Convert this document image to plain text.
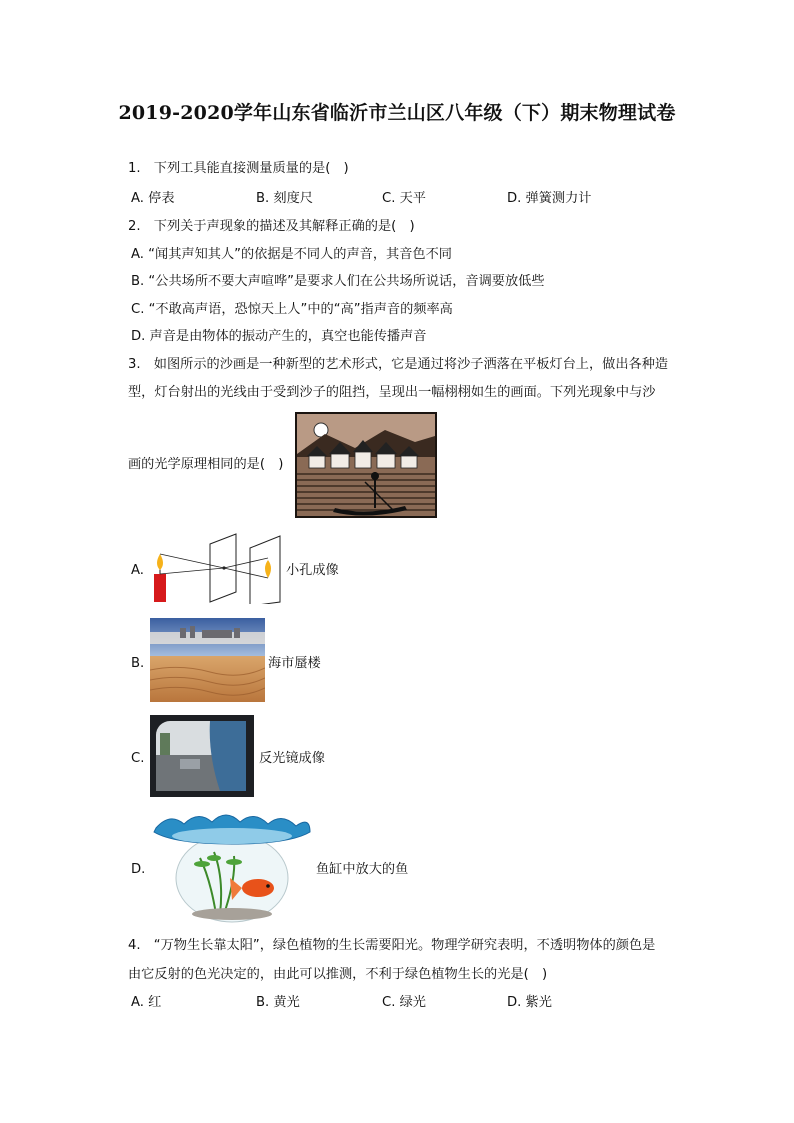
2019-2020学年山东省临沂市兰山区八年级（下）期末物理试卷
1.　下列工具能直接测量质量的是(　)
A. 停表	B. 刻度尺	C. 天平	D. 弹簧测力计
2.　下列关于声现象的描述及其解释正确的是(　)
A. “闻其声知其人”的依据是不同人的声音，其音色不同
B. “公共场所不要大声喧哗”是要求人们在公共场所说话，音调要放低些
C. “不敢高声语，恐惊天上人”中的“高”指声音的频率高
D. 声音是由物体的振动产生的，真空也能传播声音
3.　如图所示的沙画是一种新型的艺术形式，它是通过将沙子洒落在平板灯台上，做出各种造
型，灯台射出的光线由于受到沙子的阻挡，呈现出一幅栩栩如生的画面。下列光现象中与沙
画的光学原理相同的是(　)
A.	小孔成像
B.	海市蜃楼
C.	反光镜成像
D.	鱼缸中放大的鱼
4.　“万物生长靠太阳”，绿色植物的生长需要阳光。物理学研究表明，不透明物体的颜色是
由它反射的色光决定的，由此可以推测，不利于绿色植物生长的光是(　)
A. 红	B. 黄光	C. 绿光	D. 紫光
